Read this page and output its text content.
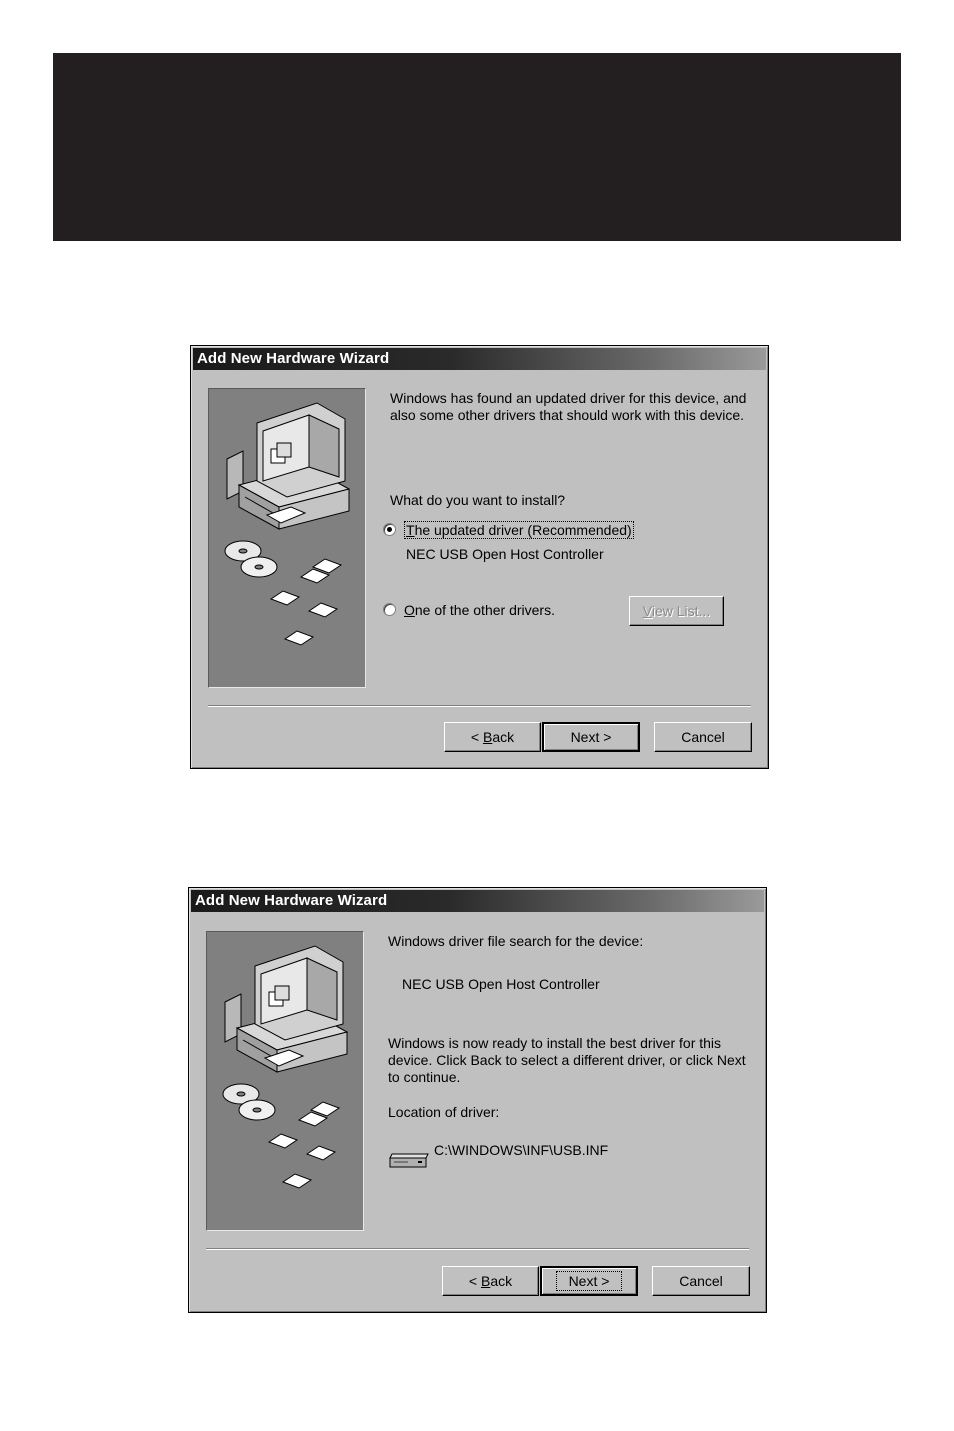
Add New Hardware Wizard
Windows has found an updated driver for this device, and also some other drivers that should work with this device.
What do you want to install?
The updated driver (Recommended)
NEC USB Open Host Controller
One of the other drivers.	View List...
< Back	Next >	Cancel
Add New Hardware Wizard
Windows driver file search for the device:
NEC USB Open Host Controller
Windows is now ready to install the best driver for this device. Click Back to select a different driver, or click Next to continue.
Location of driver:
C:\WINDOWS\INF\USB.INF
< Back	Next >	Cancel
